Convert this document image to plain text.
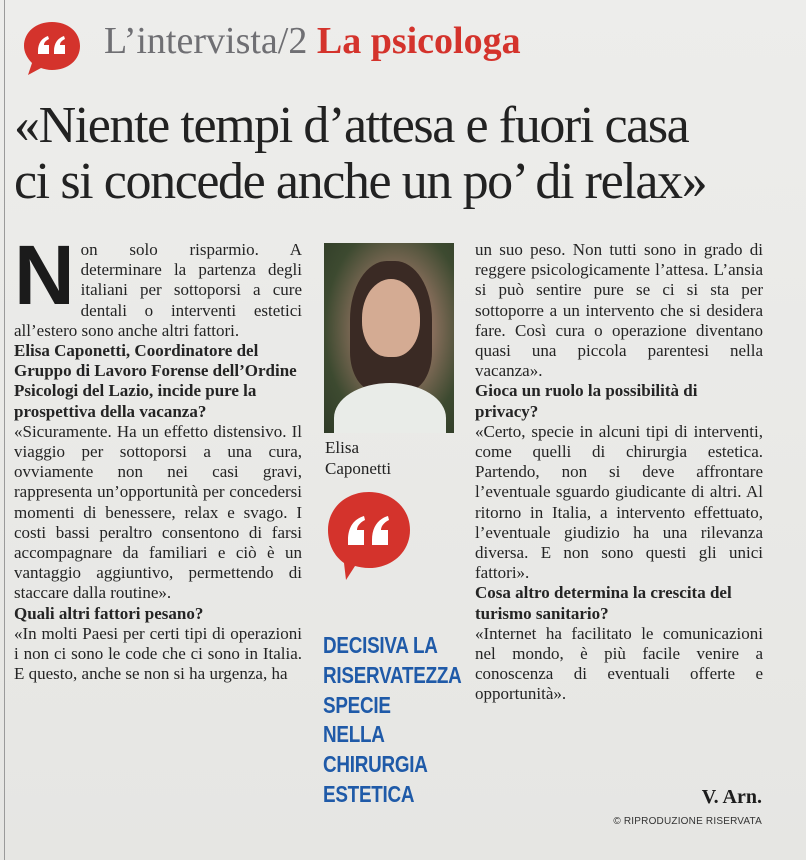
L’intervista/2 La psicologa
«Niente tempi d’attesa e fuori casa
ci si concede anche un po’ di relax»

Non solo risparmio. A determinare la partenza degli italiani per sottoporsi a cure dentali o interventi estetici all’estero sono anche altri fattori.

Elisa Caponetti, Coordinatore del Gruppo di Lavoro Forense dell’Ordine Psicologi del Lazio, incide pure la prospettiva della vacanza?

«Sicuramente. Ha un effetto distensivo. Il viaggio per sottoporsi a una cura, ovviamente non nei casi gravi, rappresenta un’opportunità per concedersi momenti di benessere, relax e svago. I costi bassi peraltro consentono di farsi accompagnare da familiari e ciò è un vantaggio aggiuntivo, permettendo di staccare dalla routine».

Quali altri fattori pesano?

«In molti Paesi per certi tipi di operazioni i non ci sono le code che ci sono in Italia. E questo, anche se non si ha urgenza, ha

Elisa
Caponetti
DECISIVA LA
RISERVATEZZA
SPECIE
NELLA
CHIRURGIA
ESTETICA

un suo peso. Non tutti sono in grado di reggere psicologicamente l’attesa. L’ansia si può sentire pure se ci si sta per sottoporre a un intervento che si desidera fare. Così cura o operazione diventano quasi una piccola parentesi nella vacanza».

Gioca un ruolo la possibilità di privacy?

«Certo, specie in alcuni tipi di interventi, come quelli di chirurgia estetica. Partendo, non si deve affrontare l’eventuale sguardo giudicante di altri. Al ritorno in Italia, a intervento effettuato, l’eventuale giudizio ha una rilevanza diversa. E non sono questi gli unici fattori».

Cosa altro determina la crescita del turismo sanitario?

«Internet ha facilitato le comunicazioni nel mondo, è più facile venire a conoscenza di eventuali offerte e opportunità».

V. Arn.
© RIPRODUZIONE RISERVATA
